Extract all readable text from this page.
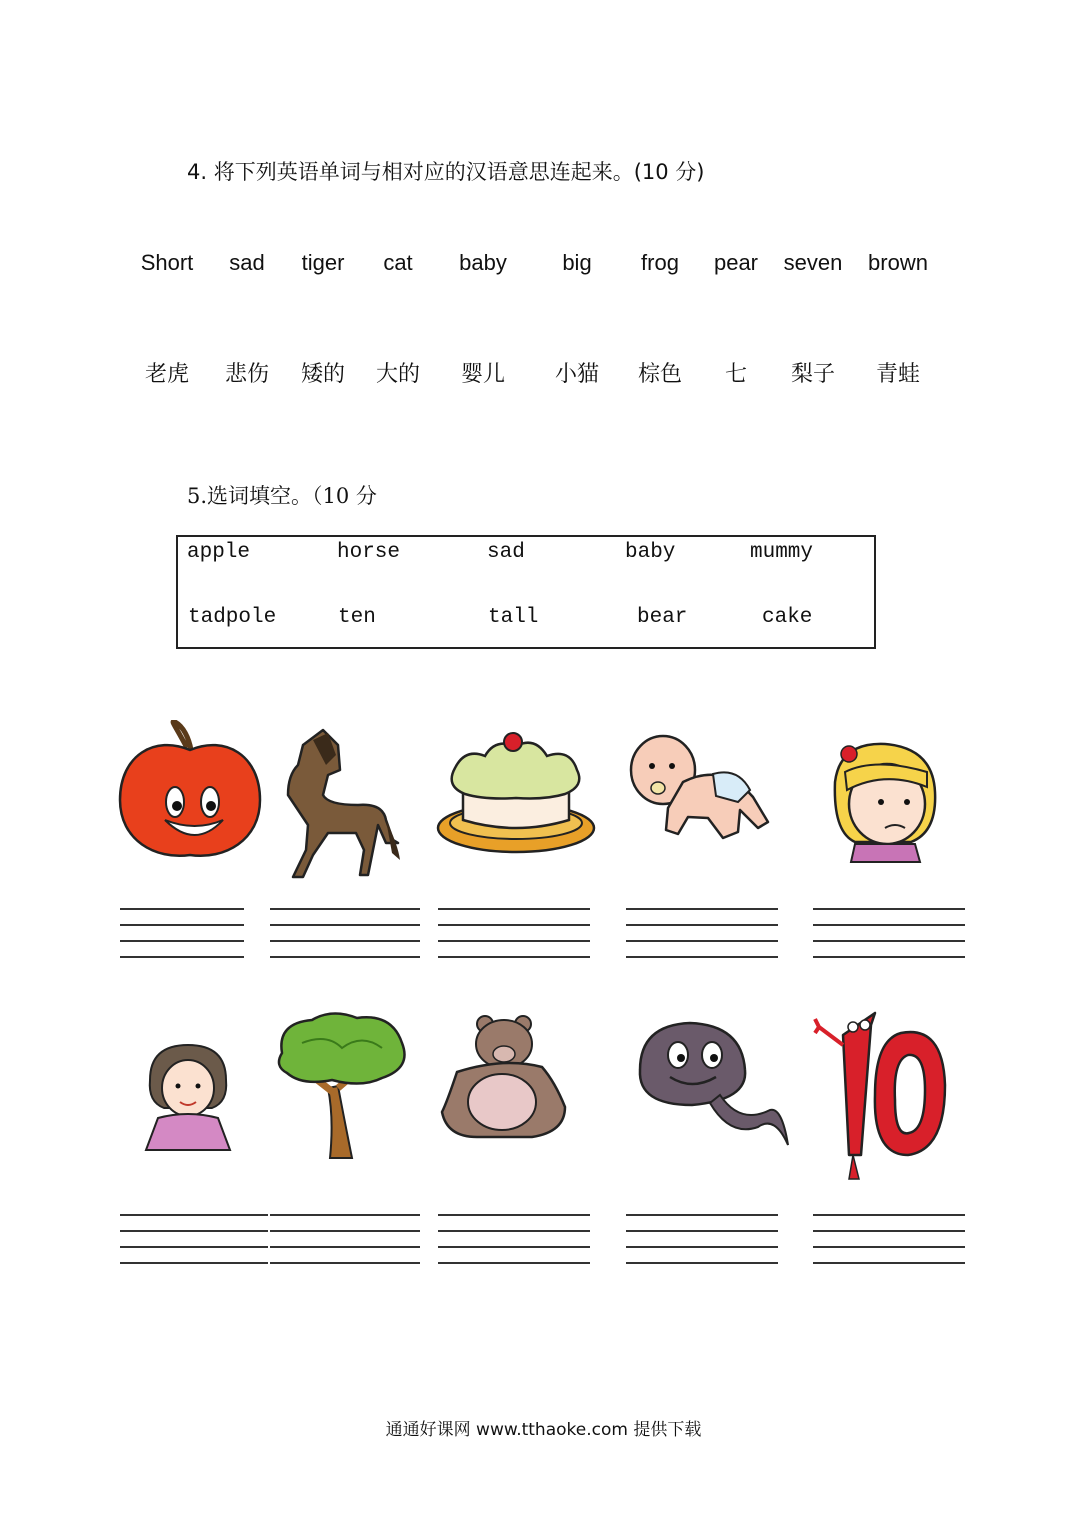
4. 将下列英语单词与相对应的汉语意思连起来。(10 分)
Short sad tiger cat baby	big frog pear seven brown
老虎 悲伤 矮的 大的 婴儿 小猫 棕色 七 梨子 青蛙
5.选词填空。（10 分
apple	horse	sad	baby	mummy
tadpole	ten	tall	bear	cake
通通好课网 www.tthaoke.com 提供下载
